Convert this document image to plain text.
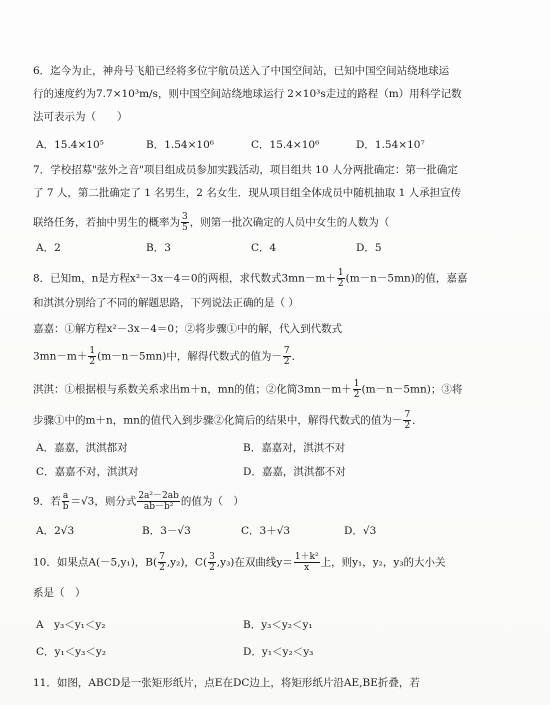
6．迄今为止，神舟号飞船已经将多位宇航员送入了中国空间站，已知中国空间站绕地球运
行的速度约为7.7×10³m/s，则中国空间站绕地球运行 2×10³s走过的路程（m）用科学记数
法可表示为（　　）
A．15.4×10⁵	B．1.54×10⁶	C．15.4×10⁶	D．1.54×10⁷
7．学校招募"弦外之音"项目组成员参加实践活动，项目组共 10 人分两批确定：第一批确定
了 7 人，第二批确定了 1 名男生，2 名女生．现从项目组全体成员中随机抽取 1 人承担宣传
联络任务，若抽中男生的概率为 $\frac{3}{5}$ ，则第一批次确定的人员中女生的人数为（
A．2	B．3	C．4	D．5
8．已知m，n是方程x²－3x－4＝0的两根，求代数式$3mn-m+ \frac{1}{2} (m-n-5mn)$的值，嘉嘉
和淇淇分别给了不同的解题思路，下列说法正确的是（ ）
嘉嘉：①解方程x²－3x－4＝0；②将步骤①中的解，代入到代数式
$3mn-m+ \frac{1}{2} (m-n-5mn)$中，解得代数式的值为－ $\frac{7}{2}$ ．
淇淇：①根据根与系数关系求出m＋n，mn的值；②化简$3mn-m+ \frac{1}{2} (m-n-5mn)$；③将
步骤①中的m＋n，mn的值代入到步骤②化简后的结果中，解得代数式的值为－ $\frac{7}{2}$ ．
A．嘉嘉，淇淇都对	B．嘉嘉对，淇淇不对
C．嘉嘉不对，淇淇对	D．嘉嘉，淇淇都不对
9．若 $\frac{a}{b} =√3$，则分式 $\frac{\text{2a²－2ab}}{\text{ab－b²}}$ 的值为（　）
A．2√3	B．3－√3	C．3＋√3	D．√3
10．如果点A(－5,y₁)，$B( \frac{7}{2} ,y_2)$，$C( \frac{3}{2} ,y_3)$在双曲线$y= \frac{\text{1＋k²}}{x}$ 上，则y₁，y₂，y₃的大小关
系是（　）
A　y₃＜y₁＜y₂	B．y₃＜y₂＜y₁
C．y₁＜y₃＜y₂	D．y₁＜y₂＜y₃
11．如图，ABCD是一张矩形纸片，点E在DC边上，将矩形纸片沿AE,BE折叠，若
